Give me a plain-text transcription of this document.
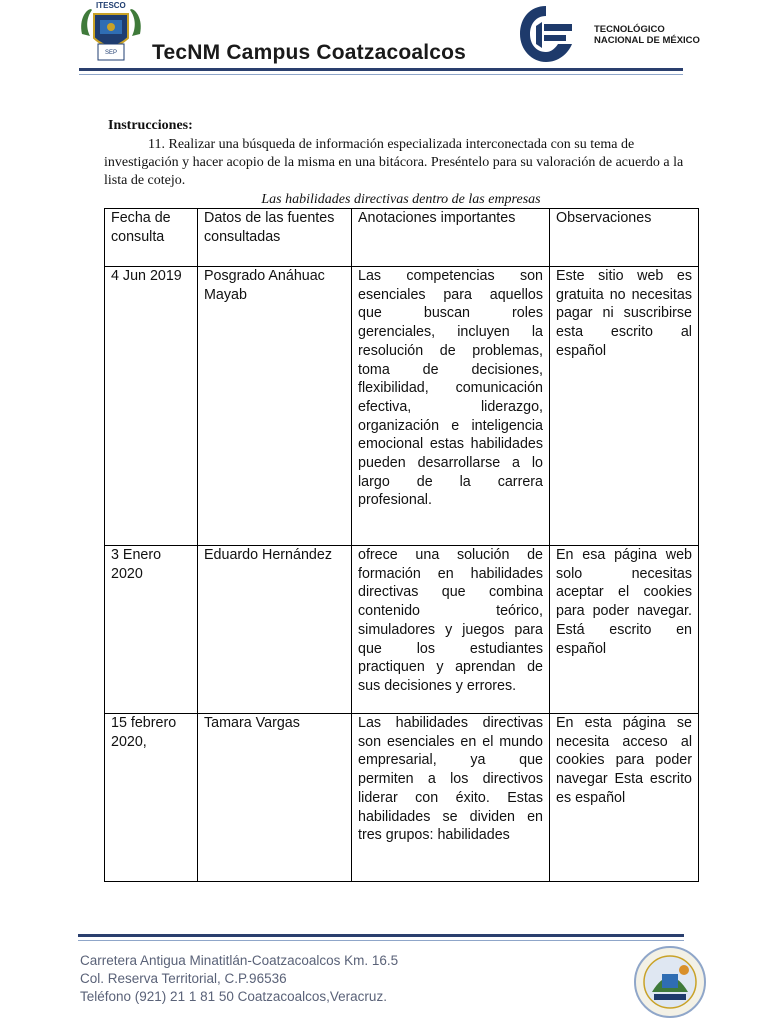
SEP
ITESCO
TecNM Campus Coatzacoalcos
TECNOLÓGICO
NACIONAL DE MÉXICO
Instrucciones:
11. Realizar una búsqueda de información especializada interconectada con su tema de investigación y hacer acopio de la misma en una bitácora. Preséntelo para su valoración de acuerdo a la lista de cotejo.
Las habilidades directivas dentro de las empresas
Fecha de consulta	Datos de las fuentes consultadas	Anotaciones importantes	Observaciones
4 Jun 2019	Posgrado Anáhuac Mayab	Las competencias son esenciales para aquellos que buscan roles gerenciales, incluyen la resolución de problemas, toma de decisiones, flexibilidad, comunicación efectiva, liderazgo, organización e inteligencia emocional estas habilidades pueden desarrollarse a lo largo de la carrera profesional.	Este sitio web es gratuita no necesitas pagar ni suscribirse esta escrito al español
3 Enero 2020	Eduardo Hernández	ofrece una solución de formación en habilidades directivas que combina contenido teórico, simuladores y juegos para que los estudiantes practiquen y aprendan de sus decisiones y errores.	En esa página web solo necesitas aceptar el cookies para poder navegar. Está escrito en español
15 febrero 2020,	Tamara Vargas	Las habilidades directivas son esenciales en el mundo empresarial, ya que permiten a los directivos liderar con éxito. Estas habilidades se dividen en tres grupos: habilidades	En esta página se necesita acceso al cookies para poder navegar Esta escrito es español
Carretera Antigua Minatitlán-Coatzacoalcos Km. 16.5
Col. Reserva Territorial, C.P.96536
Teléfono (921) 21 1 81 50 Coatzacoalcos,Veracruz.
